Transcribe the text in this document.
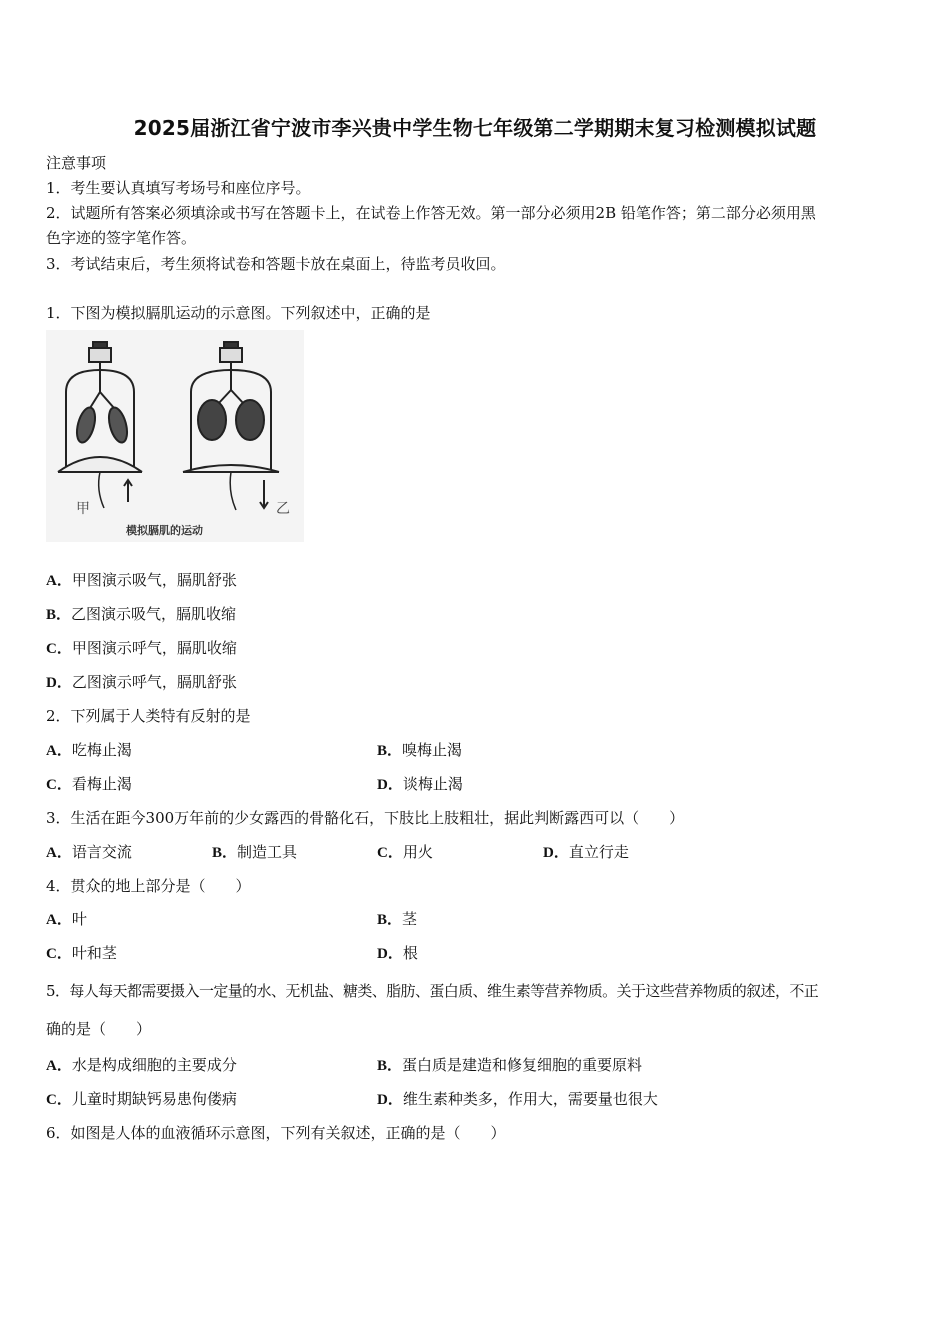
2025届浙江省宁波市李兴贵中学生物七年级第二学期期末复习检测模拟试题
注意事项
1．考生要认真填写考场号和座位序号。
2．试题所有答案必须填涂或书写在答题卡上，在试卷上作答无效。第一部分必须用2B 铅笔作答；第二部分必须用黑
色字迹的签字笔作答。
3．考试结束后，考生须将试卷和答题卡放在桌面上，待监考员收回。
1．下图为模拟膈肌运动的示意图。下列叙述中，正确的是
甲	乙
模拟膈肌的运动
A．甲图演示吸气，膈肌舒张
B．乙图演示吸气，膈肌收缩
C．甲图演示呼气，膈肌收缩
D．乙图演示呼气，膈肌舒张
2．下列属于人类特有反射的是
A．吃梅止渴	B．嗅梅止渴
C．看梅止渴	D．谈梅止渴
3．生活在距今300万年前的少女露西的骨骼化石，下肢比上肢粗壮，据此判断露西可以（　　）
A．语言交流	B．制造工具	C．用火	D．直立行走
4．贯众的地上部分是（　　）
A．叶	B．茎
C．叶和茎	D．根
5．每人每天都需要摄入一定量的水、无机盐、糖类、脂肪、蛋白质、维生素等营养物质。关于这些营养物质的叙述，不正
确的是（　　）
A．水是构成细胞的主要成分	B．蛋白质是建造和修复细胞的重要原料
C．儿童时期缺钙易患佝偻病	D．维生素种类多，作用大，需要量也很大
6．如图是人体的血液循环示意图，下列有关叙述，正确的是（　　）
